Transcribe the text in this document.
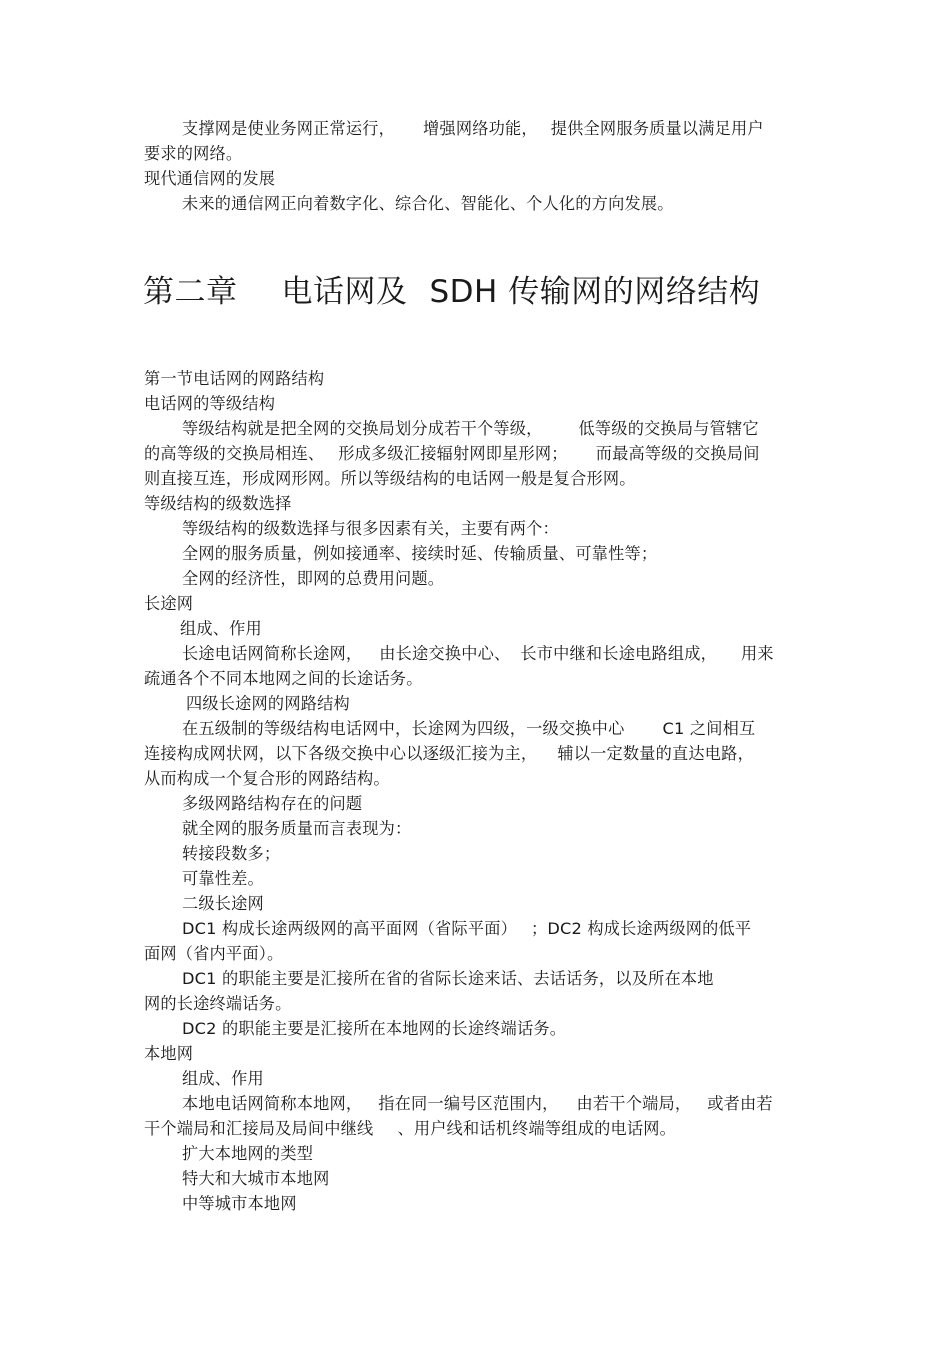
支撑网是使业务网正常运行， 增强网络功能， 提供全网服务质量以满足用户
要求的网络。
现代通信网的发展
未来的通信网正向着数字化、综合化、智能化、个人化的方向发展。
第二章 电话网及 SDH 传输网的网络结构
第一节电话网的网路结构
电话网的等级结构
等级结构就是把全网的交换局划分成若干个等级， 低等级的交换局与管辖它
的高等级的交换局相连、 形成多级汇接辐射网即星形网； 而最高等级的交换局间
则直接互连，形成网形网。所以等级结构的电话网一般是复合形网。
等级结构的级数选择
等级结构的级数选择与很多因素有关，主要有两个：
全网的服务质量，例如接通率、接续时延、传输质量、可靠性等；
全网的经济性，即网的总费用问题。
长途网
组成、作用
长途电话网简称长途网， 由长途交换中心、 长市中继和长途电路组成， 用来
疏通各个不同本地网之间的长途话务。
四级长途网的网路结构
在五级制的等级结构电话网中，长途网为四级，一级交换中心 C1 之间相互
连接构成网状网，以下各级交换中心以逐级汇接为主， 辅以一定数量的直达电路，
从而构成一个复合形的网路结构。
多级网路结构存在的问题
就全网的服务质量而言表现为：
转接段数多；
可靠性差。
二级长途网
DC1 构成长途两级网的高平面网（省际平面） ；DC2 构成长途两级网的低平
面网（省内平面）。
DC1 的职能主要是汇接所在省的省际长途来话、去话话务，以及所在本地
网的长途终端话务。
DC2 的职能主要是汇接所在本地网的长途终端话务。
本地网
组成、作用
本地电话网简称本地网， 指在同一编号区范围内， 由若干个端局， 或者由若
干个端局和汇接局及局间中继线 、用户线和话机终端等组成的电话网。
扩大本地网的类型
特大和大城市本地网
中等城市本地网
